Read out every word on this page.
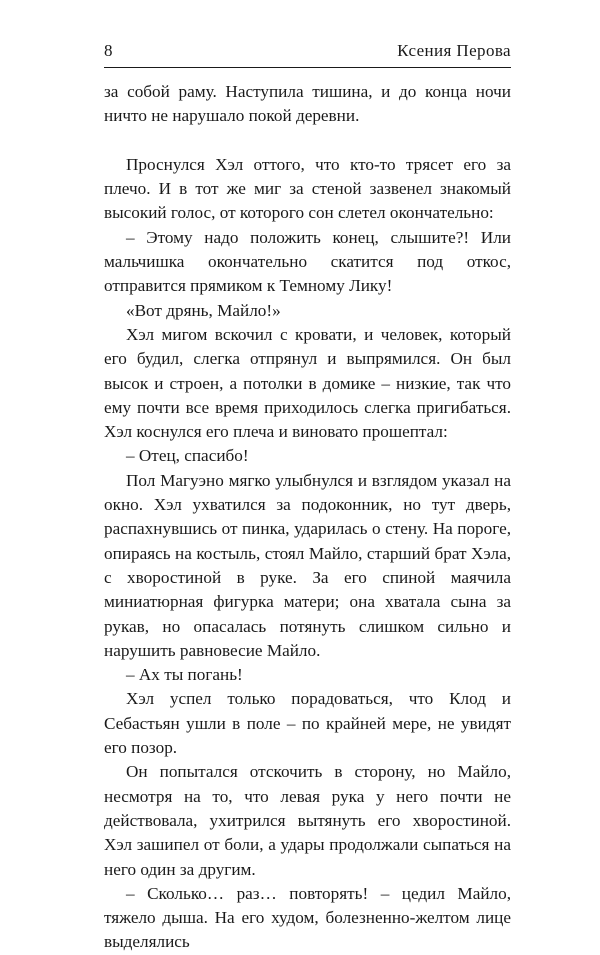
8	Ксения Перова

за собой раму. Наступила тишина, и до конца ночи ничто не нарушало покой деревни.

Проснулся Хэл оттого, что кто-то трясет его за плечо. И в тот же миг за стеной зазвенел знакомый высокий голос, от которого сон слетел окончательно:

– Этому надо положить конец, слышите?! Или мальчишка окончательно скатится под откос, отправится прямиком к Темному Лику!

«Вот дрянь, Майло!»

Хэл мигом вскочил с кровати, и человек, который его будил, слегка отпрянул и выпрямился. Он был высок и строен, а потолки в домике – низкие, так что ему почти все время приходилось слегка пригибаться. Хэл коснулся его плеча и виновато прошептал:

– Отец, спасибо!

Пол Магуэно мягко улыбнулся и взглядом указал на окно. Хэл ухватился за подоконник, но тут дверь, распахнувшись от пинка, ударилась о стену. На пороге, опираясь на костыль, стоял Майло, старший брат Хэла, с хворостиной в руке. За его спиной маячила миниатюрная фигурка матери; она хватала сына за рукав, но опасалась потянуть слишком сильно и нарушить равновесие Майло.

– Ах ты погань!

Хэл успел только порадоваться, что Клод и Себастьян ушли в поле – по крайней мере, не увидят его позор.

Он попытался отскочить в сторону, но Майло, несмотря на то, что левая рука у него почти не действовала, ухитрился вытянуть его хворостиной. Хэл зашипел от боли, а удары продолжали сыпаться на него один за другим.

– Сколько… раз… повторять! – цедил Майло, тяжело дыша. На его худом, болезненно-желтом лице выделялись
